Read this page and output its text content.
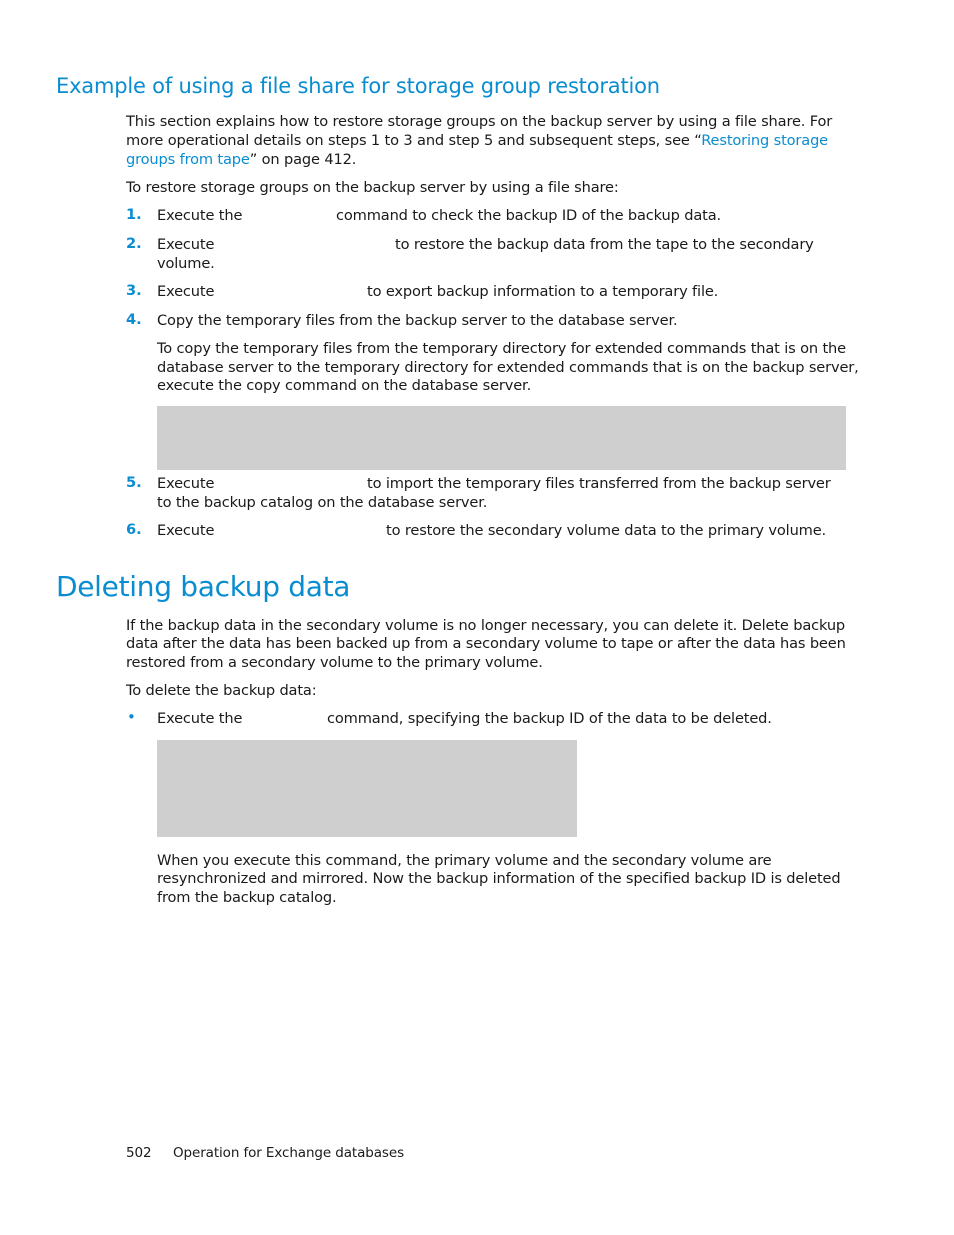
Example of using a file share for storage group restoration
This section explains how to restore storage groups on the backup server by using a file share. For
more operational details on steps 1 to 3 and step 5 and subsequent steps, see “Restoring storage
groups from tape” on page 412.
To restore storage groups on the backup server by using a file share:
1. Execute the	command to check the backup ID of the backup data.
2. Execute	to restore the backup data from the tape to the secondary
volume.
3. Execute	to export backup information to a temporary file.
4. Copy the temporary files from the backup server to the database server.
To copy the temporary files from the temporary directory for extended commands that is on the
database server to the temporary directory for extended commands that is on the backup server,
execute the copy command on the database server.
5. Execute	to import the temporary files transferred from the backup server
to the backup catalog on the database server.
6. Execute	to restore the secondary volume data to the primary volume.
Deleting backup data
If the backup data in the secondary volume is no longer necessary, you can delete it. Delete backup
data after the data has been backed up from a secondary volume to tape or after the data has been
restored from a secondary volume to the primary volume.
To delete the backup data:
• Execute the	command, specifying the backup ID of the data to be deleted.
When you execute this command, the primary volume and the secondary volume are
resynchronized and mirrored. Now the backup information of the specified backup ID is deleted
from the backup catalog.
502 Operation for Exchange databases
